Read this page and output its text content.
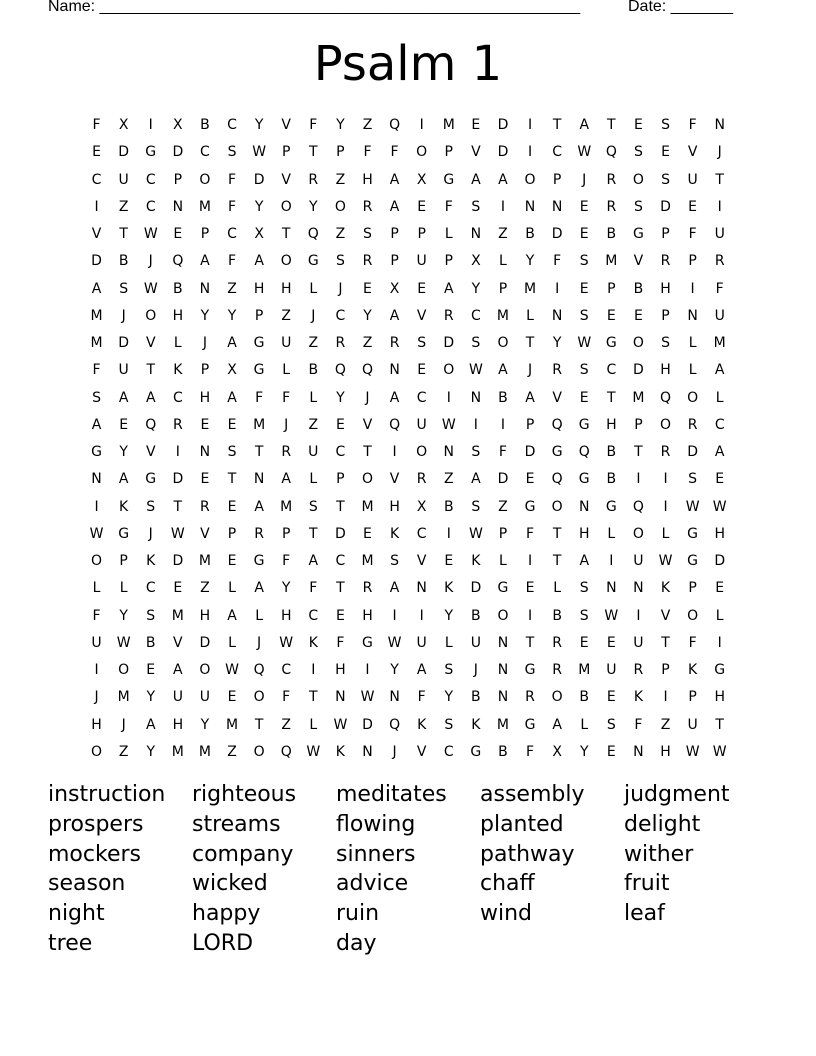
Name: ______________________________________________________	Date: _______
Psalm 1
F	X	I	X	B	C	Y	V	F	Y	Z	Q	I	M	E	D	I	T	A	T	E	S	F	N
E	D	G	D	C	S	W	P	T	P	F	F	O	P	V	D	I	C	W	Q	S	E	V	J
C	U	C	P	O	F	D	V	R	Z	H	A	X	G	A	A	O	P	J	R	O	S	U	T
I	Z	C	N	M	F	Y	O	Y	O	R	A	E	F	S	I	N	N	E	R	S	D	E	I
V	T	W	E	P	C	X	T	Q	Z	S	P	P	L	N	Z	B	D	E	B	G	P	F	U
D	B	J	Q	A	F	A	O	G	S	R	P	U	P	X	L	Y	F	S	M	V	R	P	R
A	S	W	B	N	Z	H	H	L	J	E	X	E	A	Y	P	M	I	E	P	B	H	I	F
M	J	O	H	Y	Y	P	Z	J	C	Y	A	V	R	C	M	L	N	S	E	E	P	N	U
M	D	V	L	J	A	G	U	Z	R	Z	R	S	D	S	O	T	Y	W	G	O	S	L	M
F	U	T	K	P	X	G	L	B	Q	Q	N	E	O	W	A	J	R	S	C	D	H	L	A
S	A	A	C	H	A	F	F	L	Y	J	A	C	I	N	B	A	V	E	T	M	Q	O	L
A	E	Q	R	E	E	M	J	Z	E	V	Q	U	W	I	I	P	Q	G	H	P	O	R	C
G	Y	V	I	N	S	T	R	U	C	T	I	O	N	S	F	D	G	Q	B	T	R	D	A
N	A	G	D	E	T	N	A	L	P	O	V	R	Z	A	D	E	Q	G	B	I	I	S	E
I	K	S	T	R	E	A	M	S	T	M	H	X	B	S	Z	G	O	N	G	Q	I	W W
W	G	J	W	V	P	R	P	T	D	E	K	C	I	W	P	F	T	H	L	O	L	G	H
O	P	K	D	M	E	G	F	A	C	M	S	V	E	K	L	I	T	A	I	U	W	G	D
L	L	C	E	Z	L	A	Y	F	T	R	A	N	K	D	G	E	L	S	N	N	K	P	E
F	Y	S	M	H	A	L	H	C	E	H	I	I	Y	B	O	I	B	S	W	I	V	O	L
U	W	B	V	D	L	J	W	K	F	G	W	U	L	U	N	T	R	E	E	U	T	F	I
I	O	E	A	O	W	Q	C	I	H	I	Y	A	S	J	N	G	R	M	U	R	P	K	G
J	M	Y	U	U	E	O	F	T	N	W	N	F	Y	B	N	R	O	B	E	K	I	P	H
H	J	A	H	Y	M	T	Z	L	W	D	Q	K	S	K	M	G	A	L	S	F	Z	U	T
O	Z	Y	M	M	Z	O	Q	W	K	N	J	V	C	G	B	F	X	Y	E	N	H	W W
instruction	righteous	meditates	assembly	judgment
prospers	streams	flowing	planted	delight
mockers	company	sinners	pathway	wither
season	wicked	advice	chaff	fruit
night	happy	ruin	wind	leaf
tree	LORD	day
